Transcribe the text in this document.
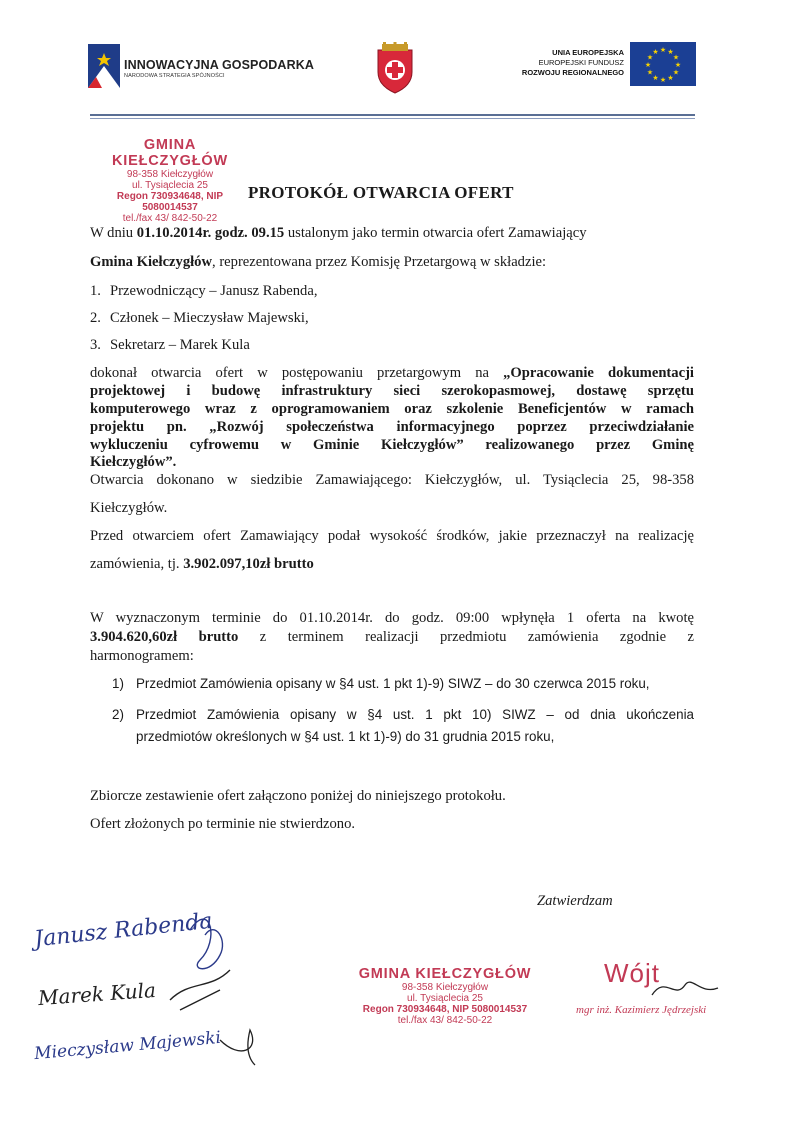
INNOWACYJNA GOSPODARKA
NARODOWA STRATEGIA SPÓJNOŚCI
UNIA EUROPEJSKA
EUROPEJSKI FUNDUSZ
ROZWOJU REGIONALNEGO
★ ★
★
★
★
★
★
★
★
★
★
★
GMINA KIEŁCZYGŁÓW
98-358 Kiełczygłów
ul. Tysiąclecia 25
Regon 730934648, NIP 5080014537
tel./fax 43/ 842-50-22
PROTOKÓŁ OTWARCIA OFERT
W dniu 01.10.2014r. godz. 09.15 ustalonym jako termin otwarcia ofert Zamawiający
Gmina Kiełczygłów, reprezentowana przez Komisję Przetargową w składzie:
1. Przewodniczący – Janusz Rabenda,
2. Członek – Mieczysław Majewski,
3. Sekretarz – Marek Kula
dokonał otwarcia ofert w postępowaniu przetargowym na „Opracowanie dokumentacji
projektowej i budowę infrastruktury sieci szerokopasmowej, dostawę sprzętu
komputerowego wraz z oprogramowaniem oraz szkolenie Beneficjentów w ramach
projektu pn. „Rozwój społeczeństwa informacyjnego poprzez przeciwdziałanie
wykluczeniu cyfrowemu w Gminie Kiełczygłów” realizowanego przez Gminę
Kiełczygłów”.
Otwarcia dokonano w siedzibie Zamawiającego: Kiełczygłów, ul. Tysiąclecia 25, 98-358
Kiełczygłów.
Przed otwarciem ofert Zamawiający podał wysokość środków, jakie przeznaczył na realizację
zamówienia, tj. 3.902.097,10zł brutto
W wyznaczonym terminie do 01.10.2014r. do godz. 09:00 wpłynęła 1 oferta na kwotę
3.904.620,60zł brutto z terminem realizacji przedmiotu zamówienia zgodnie z
harmonogramem:
1) Przedmiot Zamówienia opisany w §4 ust. 1 pkt 1)-9) SIWZ – do 30 czerwca 2015 roku,
2) Przedmiot Zamówienia opisany w §4 ust. 1 pkt 10) SIWZ – od dnia ukończenia
przedmiotów określonych w §4 ust. 1 kt 1)-9) do 31 grudnia 2015 roku,
Zbiorcze zestawienie ofert załączono poniżej do niniejszego protokołu.
Ofert złożonych po terminie nie stwierdzono.
Zatwierdzam
Janusz Rabenda
Marek Kula
Mieczysław Majewski
GMINA KIEŁCZYGŁÓW
98-358 Kiełczygłów
ul. Tysiąclecia 25
Regon 730934648, NIP 5080014537
tel./fax 43/ 842-50-22
Wójt
mgr inż. Kazimierz Jędrzejski
